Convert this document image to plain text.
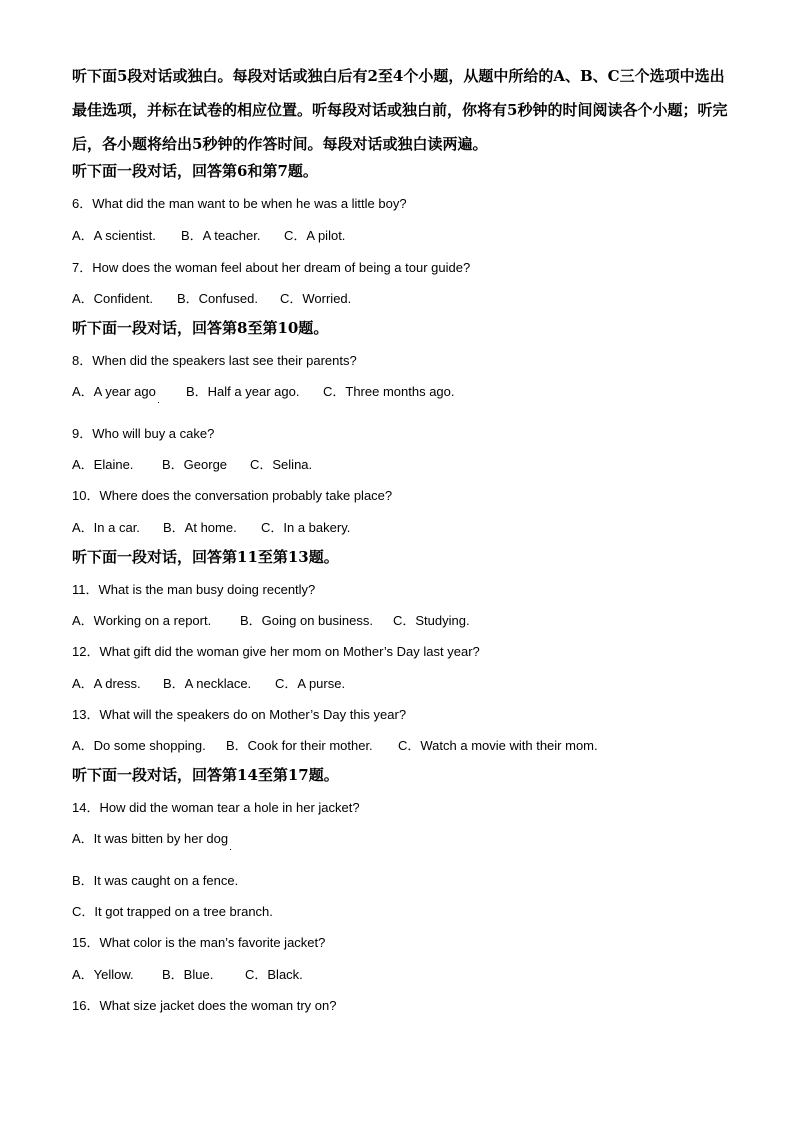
听下面5段对话或独白。每段对话或独白后有2至4个小题，从题中所给的A、B、C三个选项中选出最佳选项，并标在试卷的相应位置。听每段对话或独白前，你将有5秒钟的时间阅读各个小题；听完后，各小题将给出5秒钟的作答时间。每段对话或独白读两遍。

听下面一段对话，回答第6和第7题。

6．What did the man want to be when he was a little boy?

A．A scientist. B．A teacher. C．A pilot.

7．How does the woman feel about her dream of being a tour guide?

A．Confident. B．Confused. C．Worried.

听下面一段对话，回答第8至第10题。

8．When did the speakers last see their parents?

A．A year ago B．Half a year ago. C．Three months ago.

9．Who will buy a cake?

A．Elaine. B．George C．Selina.

10．Where does the conversation probably take place?

A．In a car. B．At home. C．In a bakery.

听下面一段对话，回答第11至第13题。

11．What is the man busy doing recently?

A．Working on a report. B．Going on business. C．Studying.

12．What gift did the woman give her mom on Mother’s Day last year?

A．A dress. B．A necklace. C．A purse.

13．What will the speakers do on Mother’s Day this year?

A．Do some shopping. B．Cook for their mother. C．Watch a movie with their mom.

听下面一段对话，回答第14至第17题。

14．How did the woman tear a hole in her jacket?

A．It was bitten by her dog

B．It was caught on a fence.

C．It got trapped on a tree branch.

15．What color is the man’s favorite jacket?

A．Yellow. B．Blue. C．Black.

16．What size jacket does the woman try on?
